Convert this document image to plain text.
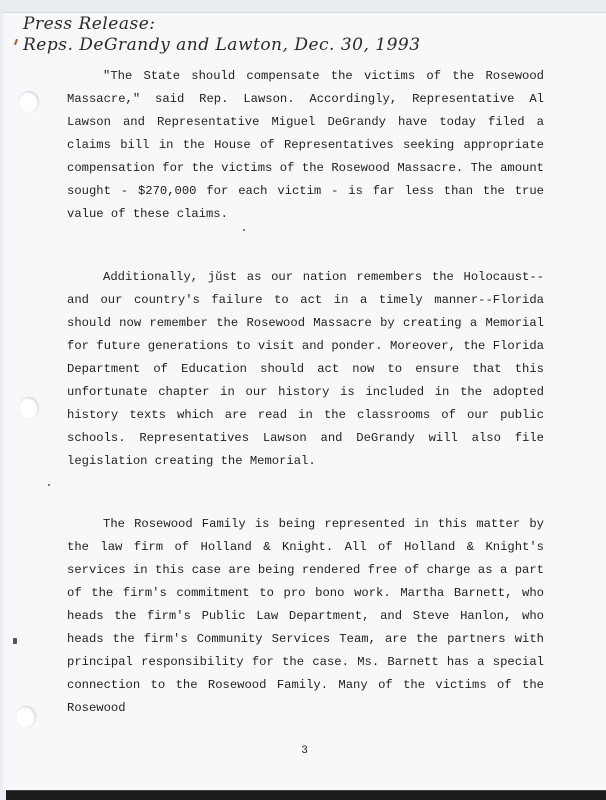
Press Release:
Reps. DeGrandy and Lawton, Dec. 30, 1993

"The State should compensate the victims of the Rosewood Massacre," said Rep. Lawson. Accordingly, Representative Al Lawson and Representative Miguel DeGrandy have today filed a claims bill in the House of Representatives seeking appropriate compensation for the victims of the Rosewood Massacre. The amount sought - $270,000 for each victim - is far less than the true value of these claims.

Additionally, jŭst as our nation remembers the Holocaust--and our country's failure to act in a timely manner--Florida should now remember the Rosewood Massacre by creating a Memorial for future generations to visit and ponder. Moreover, the Florida Department of Education should act now to ensure that this unfortunate chapter in our history is included in the adopted history texts which are read in the classrooms of our public schools. Representatives Lawson and DeGrandy will also file legislation creating the Memorial.

The Rosewood Family is being represented in this matter by the law firm of Holland & Knight. All of Holland & Knight's services in this case are being rendered free of charge as a part of the firm's commitment to pro bono work. Martha Barnett, who heads the firm's Public Law Department, and Steve Hanlon, who heads the firm's Community Services Team, are the partners with principal responsibility for the case. Ms. Barnett has a special connection to the Rosewood Family. Many of the victims of the Rosewood

3
